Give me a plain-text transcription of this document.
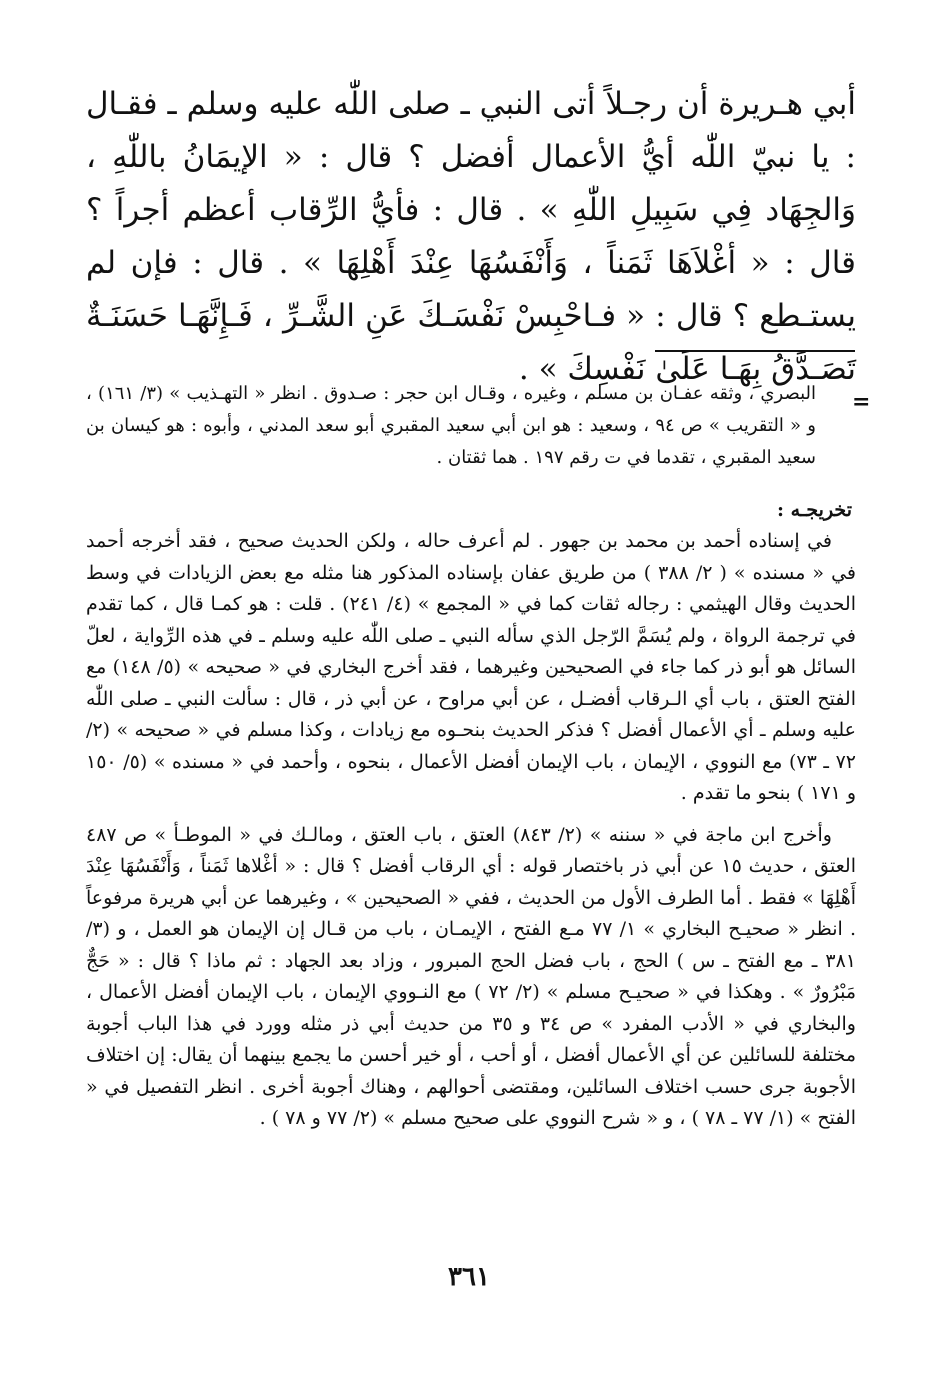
أبي هـريرة أن رجـلاً أتى النبي ـ صلى اللّٰه عليه وسلم ـ فقـال : يا نبيّ اللّٰه أيُّ الأعمال أفضل ؟ قال : « الإيمَانُ باللّٰهِ ، وَالجِهَاد فِي سَبِيلِ اللّٰهِ » . قال : فأيُّ الرِّقاب أعظم أجراً ؟ قال : « أغْلاَهَا ثَمَناً ، وَأَنْفَسُهَا عِنْدَ أَهْلِهَا » . قال : فإن لم يستـطع ؟ قال : « فـاحْبِسْ نَفْسَـكَ عَنِ الشَّـرِّ ، فَـإِنَّهَـا حَسَنَـةٌ تَصَـدَّقُ بِهَـا عَلَىٰ نَفْسِكَ » .

=

البصري ، وثقه عفـان بن مسلم ، وغيره ، وقـال ابن حجر : صـدوق . انظر « التهـذيب » (٣/ ١٦١) ، و « التقريب » ص ٩٤ ، وسعيد : هو ابن أبي سعيد المقبري أبو سعد المدني ، وأبوه : هو كيسان بن سعيد المقبري ، تقدما في ت رقم ١٩٧ . هما ثقتان .

تخريجـه :

في إسناده أحمد بن محمد بن جهور . لم أعرف حاله ، ولكن الحديث صحيح ، فقد أخرجه أحمد في « مسنده » ( ٢/ ٣٨٨ ) من طريق عفان بإسناده المذكور هنا مثله مع بعض الزيادات في وسط الحديث وقال الهيثمي : رجاله ثقات كما في « المجمع » (٤/ ٢٤١) . قلت : هو كمـا قال ، كما تقدم في ترجمة الرواة ، ولم يُسَمَّ الرّجل الذي سأله النبي ـ صلى اللّٰه عليه وسلم ـ في هذه الرِّواية ، لعلّ السائل هو أبو ذر كما جاء في الصحيحين وغيرهما ، فقد أخرج البخاري في « صحيحه » (٥/ ١٤٨) مع الفتح العتق ، باب أي الـرقاب أفضـل ، عن أبي مراوح ، عن أبي ذر ، قال : سألت النبي ـ صلى اللّٰه عليه وسلم ـ أي الأعمال أفضل ؟ فذكر الحديث بنحـوه مع زيادات ، وكذا مسلم في « صحيحه » (٢/ ٧٢ ـ ٧٣) مع النووي ، الإيمان ، باب الإيمان أفضل الأعمال ، بنحوه ، وأحمد في « مسنده » (٥/ ١٥٠ و ١٧١ ) بنحو ما تقدم .

وأخرج ابن ماجة في « سننه » (٢/ ٨٤٣) العتق ، باب العتق ، ومالـك في « الموطـأ » ص ٤٨٧ العتق ، حديث ١٥ عن أبي ذر باختصار قوله : أي الرقاب أفضل ؟ قال : « أغْلاها ثَمَناً ، وَأَنْفَسُهَا عِنْدَ أَهْلِهَا » فقط . أما الطرف الأول من الحديث ، ففي « الصحيحين » ، وغيرهما عن أبي هريرة مرفوعاً . انظر « صحيـح البخاري » ١/ ٧٧ مـع الفتح ، الإيمـان ، باب من قـال إن الإيمان هو العمل ، و (٣/ ٣٨١ ـ مع الفتح ـ س ) الحج ، باب فضل الحج المبرور ، وزاد بعد الجهاد : ثم ماذا ؟ قال : « حَجٌّ مَبْرُورٌ » . وهكذا في « صحيـح مسلم » (٢/ ٧٢ ) مع النـووي الإيمان ، باب الإيمان أفضل الأعمال ، والبخاري في « الأدب المفرد » ص ٣٤ و ٣٥ من حديث أبي ذر مثله وورد في هذا الباب أجوبة مختلفة للسائلين عن أي الأعمال أفضل ، أو أحب ، أو خير أحسن ما يجمع بينهما أن يقال: إن اختلاف الأجوبة جرى حسب اختلاف السائلين، ومقتضى أحوالهم ، وهناك أجوبة أخرى . انظر التفصيل في « الفتح » (١/ ٧٧ ـ ٧٨ ) ، و « شرح النووي على صحيح مسلم » (٢/ ٧٧ و ٧٨ ) .

٣٦١
